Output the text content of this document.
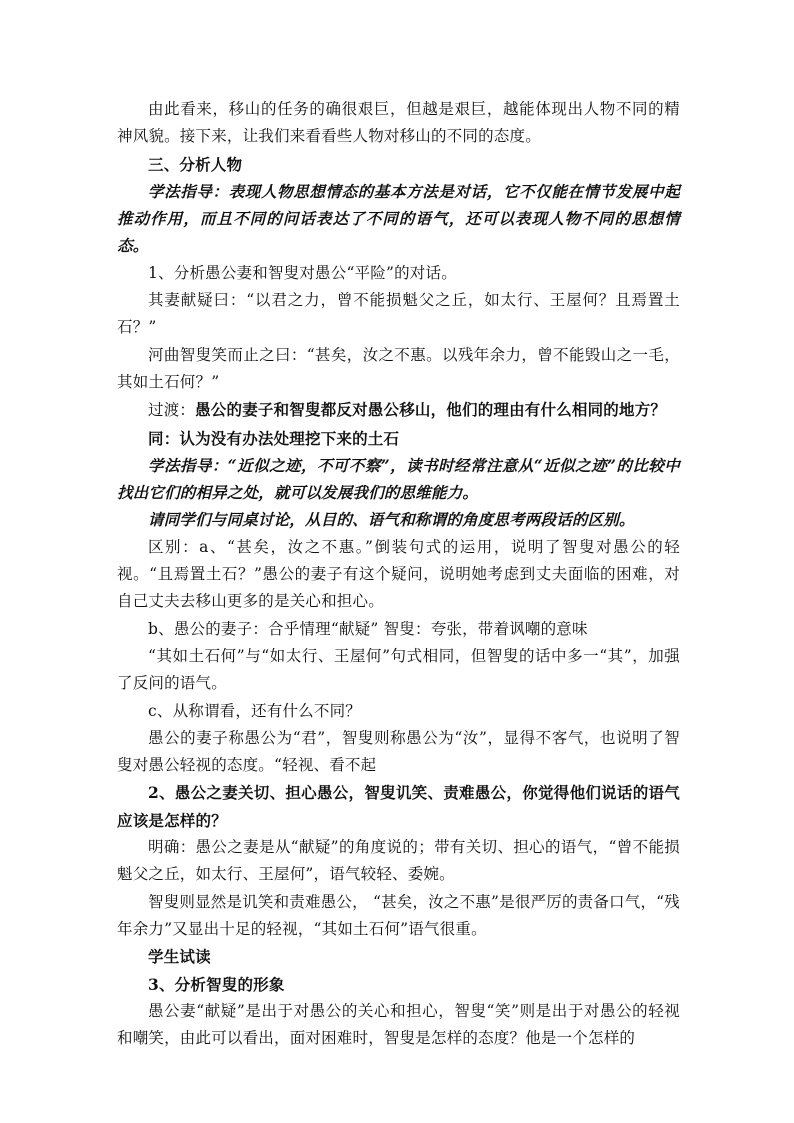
由此看来，移山的任务的确很艰巨，但越是艰巨，越能体现出人物不同的精神风貌。接下来，让我们来看看些人物对移山的不同的态度。

三、分析人物

学法指导：表现人物思想情态的基本方法是对话，它不仅能在情节发展中起推动作用，而且不同的问话表达了不同的语气，还可以表现人物不同的思想情态。

1、分析愚公妻和智叟对愚公“平险”的对话。

其妻献疑曰：“以君之力，曾不能损魁父之丘，如太行、王屋何？且焉置土石？”

河曲智叟笑而止之曰：“甚矣，汝之不惠。以残年余力，曾不能毁山之一毛，其如土石何？”

过渡：愚公的妻子和智叟都反对愚公移山，他们的理由有什么相同的地方？

同：认为没有办法处理挖下来的土石

学法指导：“近似之迹，不可不察”，读书时经常注意从“近似之迹”的比较中找出它们的相异之处，就可以发展我们的思维能力。

请同学们与同桌讨论，从目的、语气和称谓的角度思考两段话的区别。

区别：a、“甚矣，汝之不惠。”倒装句式的运用，说明了智叟对愚公的轻视。“且焉置土石？”愚公的妻子有这个疑问，说明她考虑到丈夫面临的困难，对自己丈夫去移山更多的是关心和担心。

b、愚公的妻子：合乎情理“献疑” 智叟：夸张，带着讽嘲的意味

“其如土石何”与“如太行、王屋何”句式相同，但智叟的话中多一“其”，加强了反问的语气。

c、从称谓看，还有什么不同？

愚公的妻子称愚公为“君”，智叟则称愚公为“汝”，显得不客气，也说明了智叟对愚公轻视的态度。“轻视、看不起

2、愚公之妻关切、担心愚公，智叟讥笑、责难愚公，你觉得他们说话的语气应该是怎样的？

明确：愚公之妻是从“献疑”的角度说的；带有关切、担心的语气，“曾不能损魁父之丘，如太行、王屋何”，语气较轻、委婉。

智叟则显然是讥笑和责难愚公， “甚矣，汝之不惠”是很严厉的责备口气，“残年余力”又显出十足的轻视，“其如土石何”语气很重。

学生试读

3、分析智叟的形象

愚公妻“献疑”是出于对愚公的关心和担心，智叟“笑”则是出于对愚公的轻视和嘲笑，由此可以看出，面对困难时，智叟是怎样的态度？他是一个怎样的
